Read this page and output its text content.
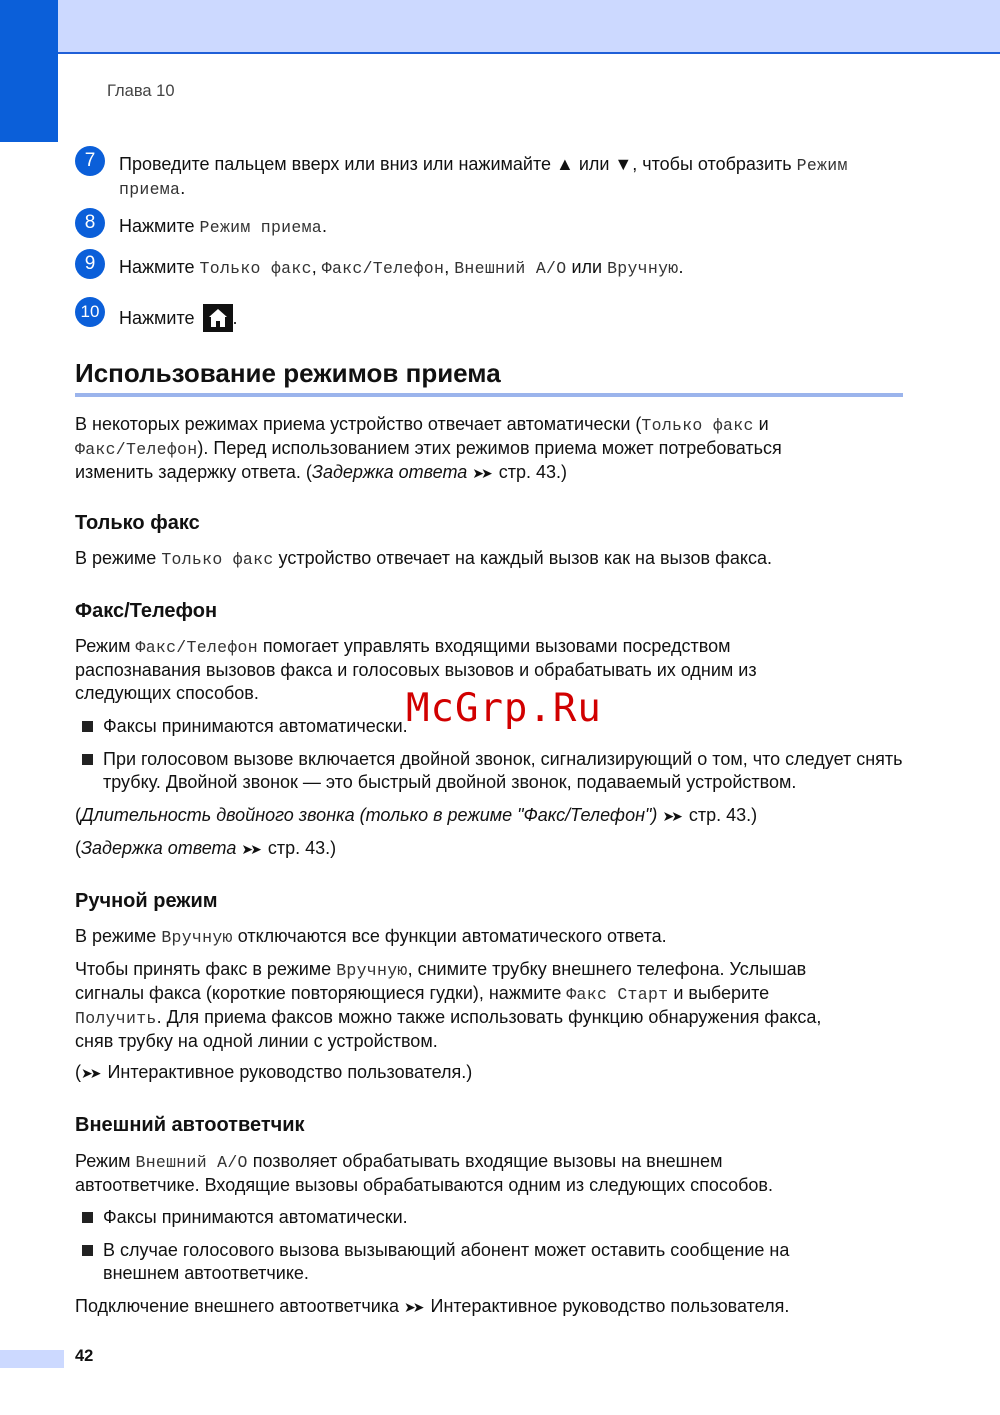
Глава 10
7	Проведите пальцем вверх или вниз или нажимайте ▲ или ▼, чтобы отобразить Режим приема.
8	Нажмите Режим приема.
9	Нажмите Только факс, Факс/Телефон, Внешний А/О или Вручную.
10	Нажмите
.
Использование режимов приема
В некоторых режимах приема устройство отвечает автоматически (Только факс и
Факс/Телефон). Перед использованием этих режимов приема может потребоваться
изменить задержку ответа. (Задержка ответа ➤➤ стр. 43.)
Только факс
В режиме Только факс устройство отвечает на каждый вызов как на вызов факса.
Факс/Телефон
Режим Факс/Телефон помогает управлять входящими вызовами посредством
распознавания вызовов факса и голосовых вызовов и обрабатывать их одним из
следующих способов.
Факсы принимаются автоматически.
При голосовом вызове включается двойной звонок, сигнализирующий о том, что следует снять трубку. Двойной звонок — это быстрый двойной звонок, подаваемый устройством.
(Длительность двойного звонка (только в режиме "Факс/Телефон") ➤➤ стр. 43.)
(Задержка ответа ➤➤ стр. 43.)
Ручной режим
В режиме Вручную отключаются все функции автоматического ответа.
Чтобы принять факс в режиме Вручную, снимите трубку внешнего телефона. Услышав
сигналы факса (короткие повторяющиеся гудки), нажмите Факс Старт и выберите
Получить. Для приема факсов можно также использовать функцию обнаружения факса,
сняв трубку на одной линии с устройством.
(➤➤ Интерактивное руководство пользователя.)
Внешний автоответчик
Режим Внешний А/О позволяет обрабатывать входящие вызовы на внешнем
автоответчике. Входящие вызовы обрабатываются одним из следующих способов.
Факсы принимаются автоматически.
В случае голосового вызова вызывающий абонент может оставить сообщение на внешнем автоответчике.
Подключение внешнего автоответчика ➤➤ Интерактивное руководство пользователя.
McGrp.Ru
42
